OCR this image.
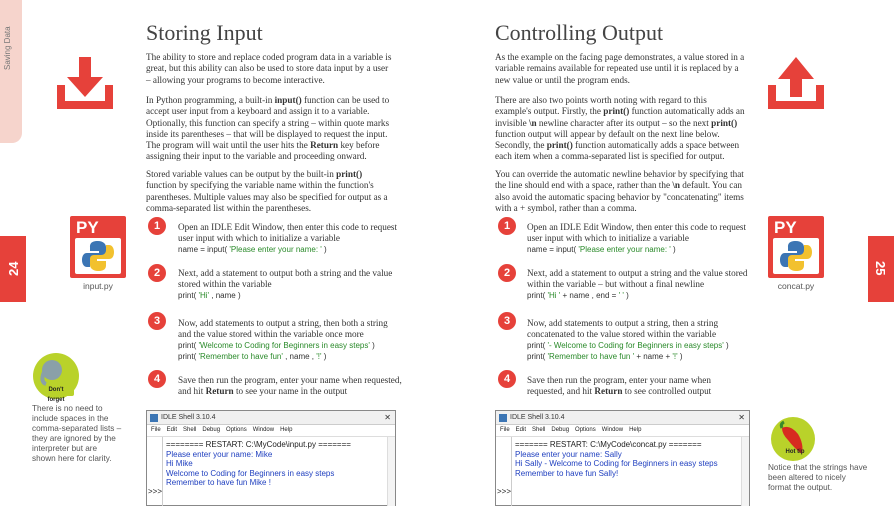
Saving Data
24	25
Storing Input
The ability to store and replace coded program data in a variable is great, but this ability can also be used to store data input by a user – allowing your programs to become interactive.
In Python programming, a built-in input() function can be used to accept user input from a keyboard and assign it to a variable. Optionally, this function can specify a string – within quote marks inside its parentheses – that will be displayed to request the input. The program will wait until the user hits the Return key before assigning their input to the variable and proceeding onward.
Stored variable values can be output by the built-in print() function by specifying the variable name within the function's parentheses. Multiple values may also be specified for output as a comma-separated list within the parentheses.
PY
input.py
1	Open an IDLE Edit Window, then enter this code to request user input with which to initialize a variable
name = input( 'Please enter your name: ' )
2	Next, add a statement to output both a string and the value stored within the variable
print( 'Hi' , name )
3	Now, add statements to output a string, then both a string and the value stored within the variable once more
print( 'Welcome to Coding for Beginners in easy steps' )
print( 'Remember to have fun' , name , '!' )
4	Save then run the program, enter your name when requested, and hit Return to see your name in the output
Don't forget
There is no need to include spaces in the comma-separated lists – they are ignored by the interpreter but are shown here for clarity.
IDLE Shell 3.10.4	✕
File Edit Shell Debug Options Window Help
>>>
======== RESTART: C:\MyCode\input.py =======
Please enter your name: Mike
Hi Mike
Welcome to Coding for Beginners in easy steps
Remember to have fun Mike !
Controlling Output
As the example on the facing page demonstrates, a value stored in a variable remains available for repeated use until it is replaced by a new value or until the program ends.
There are also two points worth noting with regard to this example's output. Firstly, the print() function automatically adds an invisible \n newline character after its output – so the next print() function output will appear by default on the next line below. Secondly, the print() function automatically adds a space between each item when a comma-separated list is specified for output.
You can override the automatic newline behavior by specifying that the line should end with a space, rather than the \n default. You can also avoid the automatic spacing behavior by "concatenating" items with a + symbol, rather than a comma.
PY
concat.py
1	Open an IDLE Edit Window, then enter this code to request user input with which to initialize a variable
name = input( 'Please enter your name: ' )
2	Next, add a statement to output a string and the value stored within the variable – but without a final newline
print( 'Hi ' + name , end = ' ' )
3	Now, add statements to output a string, then a string concatenated to the value stored within the variable
print( '- Welcome to Coding for Beginners in easy steps' )
print( 'Remember to have fun ' + name + '!' )
4	Save then run the program, enter your name when requested, and hit Return to see controlled output
Hot tip
Notice that the strings have been altered to nicely format the output.
IDLE Shell 3.10.4	✕
File Edit Shell Debug Options Window Help
>>>
======= RESTART: C:\MyCode\concat.py =======
Please enter your name: Sally
Hi Sally - Welcome to Coding for Beginners in easy steps
Remember to have fun Sally!
